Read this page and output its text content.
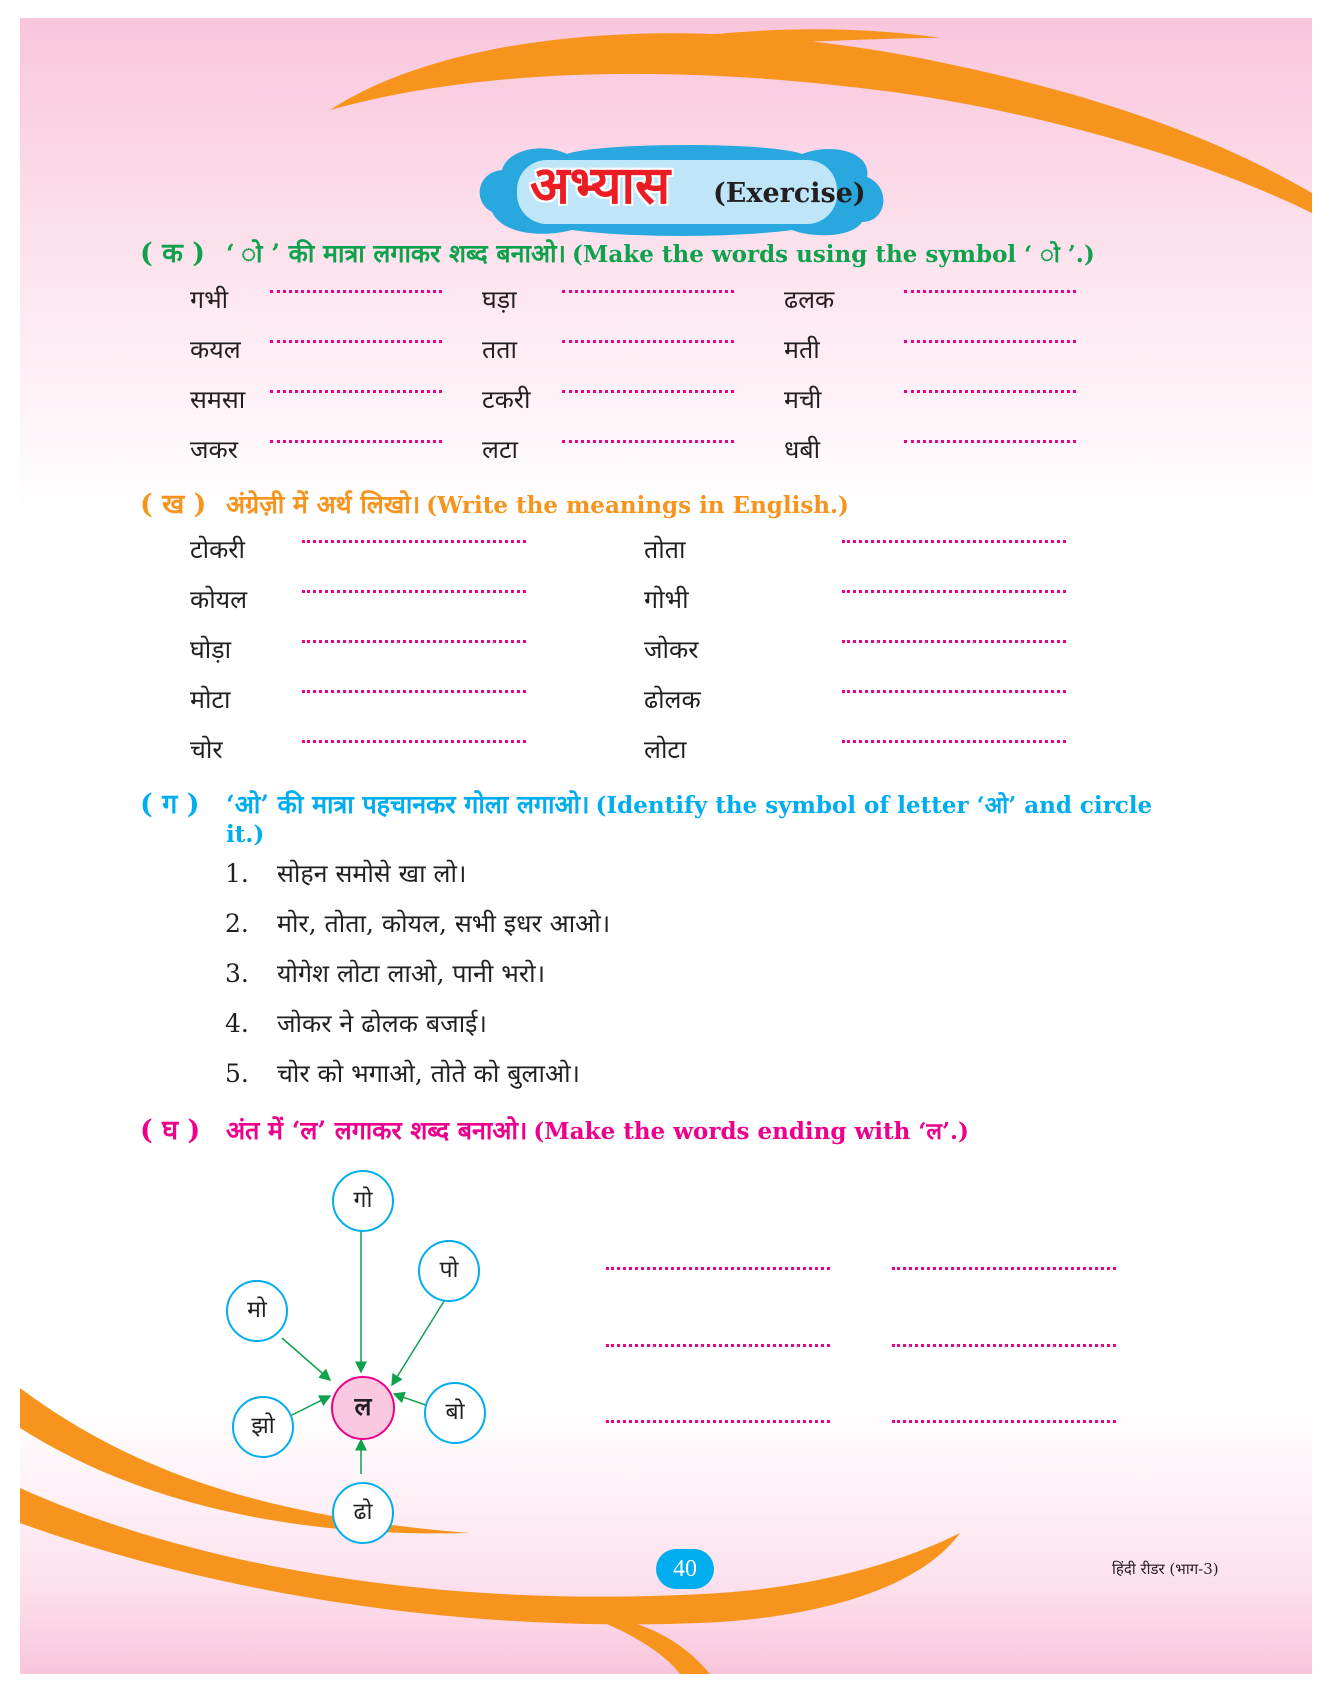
अभ्यास (Exercise)
( क ) ‘ ो ’ की मात्रा लगाकर शब्द बनाओ। (Make the words using the symbol ‘ ो ’.)
गभी	घड़ा	ढलक
कयल	तता	मती
समसा	टकरी	मची
जकर	लटा	धबी
( ख ) अंग्रेज़ी में अर्थ लिखो। (Write the meanings in English.)
टोकरी	तोता
कोयल	गोभी
घोड़ा	जोकर
मोटा	ढोलक
चोर	लोटा
( ग ) ‘ओ’ की मात्रा पहचानकर गोला लगाओ। (Identify the symbol of letter ‘ओ’ and circle
it.)
1. सोहन समोसे खा लो।
2. मोर, तोता, कोयल, सभी इधर आओ।
3. योगेश लोटा लाओ, पानी भरो।
4. जोकर ने ढोलक बजाई।
5. चोर को भगाओ, तोते को बुलाओ।
( घ ) अंत में ‘ल’ लगाकर शब्द बनाओ। (Make the words ending with ‘ल’.)
ल
गो
पो
बो
ढो
झो
मो
40	हिंदी रीडर (भाग-3)
